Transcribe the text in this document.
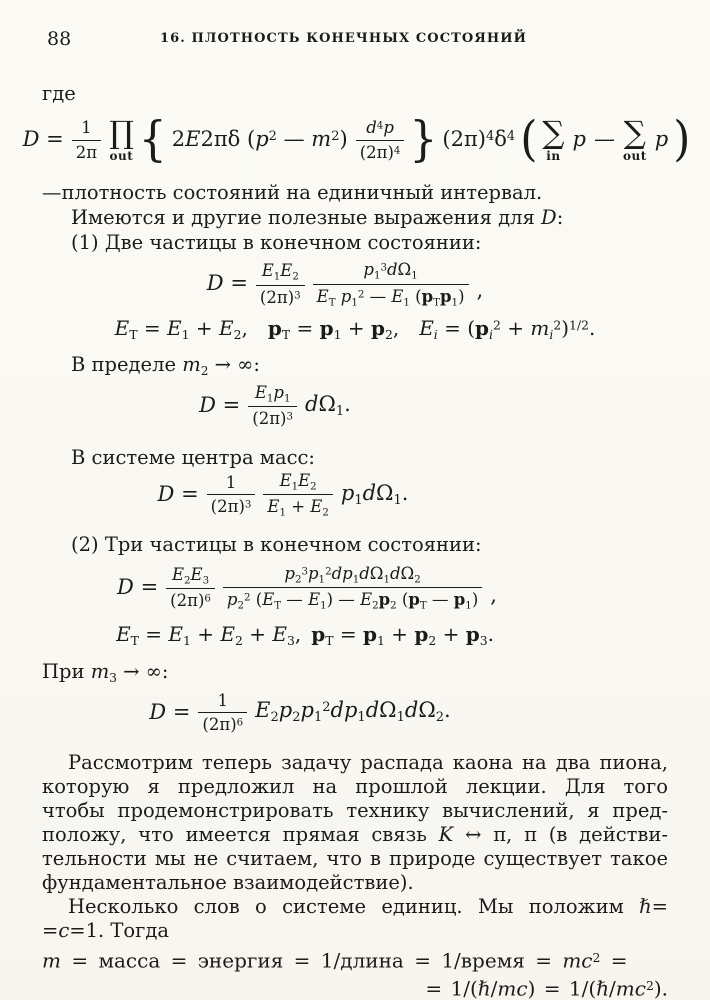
88	16. ПЛОТНОСТЬ КОНЕЧНЫХ СОСТОЯНИЙ
где
$D = \frac{1}{2\pi}$ ∏
out { 2E2πδ ($p^2$ — $m^2) \frac{d^4p}{(2\pi)^4}$ } $(2\pi)^4\delta^4$ ( ∑
in
p — ∑
out
p )
—плотность состояний на единичный интервал.
Имеются и другие полезные выражения для D:
(1) Две частицы в конечном состоянии:
$D = \frac{E_1E_2}{(2\pi)^3} \frac{p_1^3d\Omega_1}{E_T p_1^2 — E_1 (p_Tp_1)}$ ,
$E_T = E_1 + E_2$, $p_T = p_1 + p_2$, $E_i = (p_i^2 + m_i^2)^{1/2}$.
В пределе $m_2$ → ∞:
$D = \frac{E_1p_1}{(2\pi)^3} d\Omega_1$.
В системе центра масс:
$D = \frac{1}{(2\pi)^3} \frac{E_1E_2}{E_1 + E_2} p_1d\Omega_1$.
(2) Три частицы в конечном состоянии:
$D = \frac{E_2E_3}{(2\pi)^6} \frac{p_2^3p_1^2dp_1d\Omega_1d\Omega_2}{p_2^2 (E_T — E_1) — E_2p_2 (p_T — p_1)}$ ,
$E_T = E_1 + E_2 + E_3$, $p_T = p_1 + p_2 + p_3$.
При $m_3$ → ∞:
$D = \frac{1}{(2\pi)^6} E_2p_2p_1^2dp_1d\Omega_1d\Omega_2$.
Рассмотрим теперь задачу распада каона на два пиона,
которую я предложил на прошлой лекции. Для того
чтобы продемонстрировать технику вычислений, я пред-
положу, что имеется прямая связь K ↔ π, π (в действи-
тельности мы не считаем, что в природе существует такое
фундаментальное взаимодействие).
Несколько слов о системе единиц. Мы положим ℏ=
=c=1. Тогда
m = масса = энергия = 1/длина = 1/время = $mc^2$ =
= 1/(ℏ/mc) = $1/(\hbar/mc^2)$.
